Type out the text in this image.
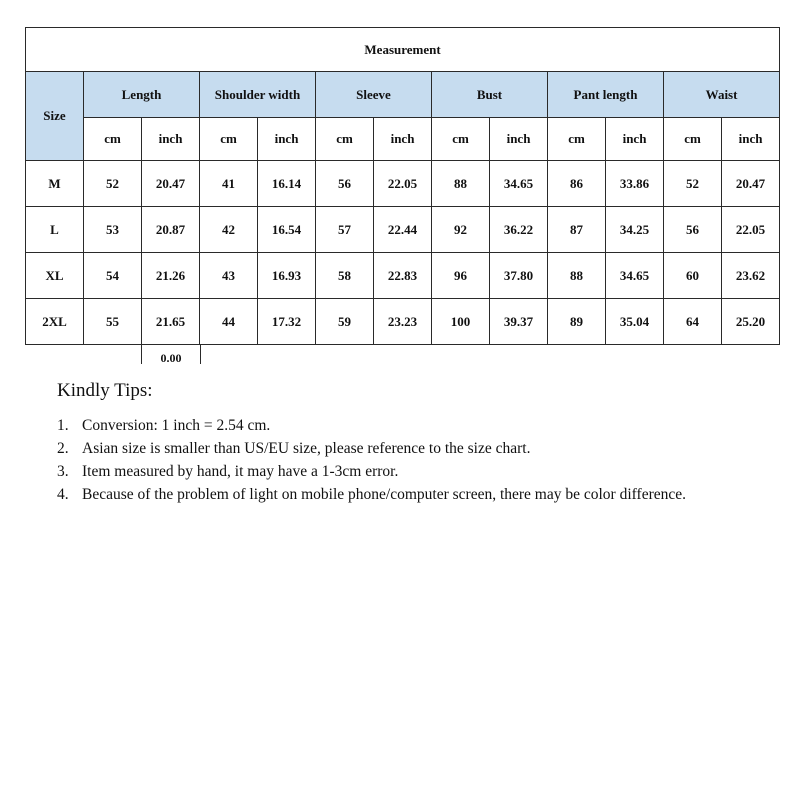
Measurement												
Size	Length		Shoulder width		Sleeve		Bust		Pant length		Waist	
	cm	inch	cm	inch	cm	inch	cm	inch	cm	inch	cm	inch
M	52	20.47	41	16.14	56	22.05	88	34.65	86	33.86	52	20.47
L	53	20.87	42	16.54	57	22.44	92	36.22	87	34.25	56	22.05
XL	54	21.26	43	16.93	58	22.83	96	37.80	88	34.65	60	23.62
2XL	55	21.65	44	17.32	59	23.23	100	39.37	89	35.04	64	25.20
0.00
Kindly Tips:
1. Conversion: 1 inch = 2.54 cm.
2. Asian size is smaller than US/EU size, please reference to the size chart.
3. Item measured by hand, it may have a 1-3cm error.
4. Because of the problem of light on mobile phone/computer screen, there may be color difference.
